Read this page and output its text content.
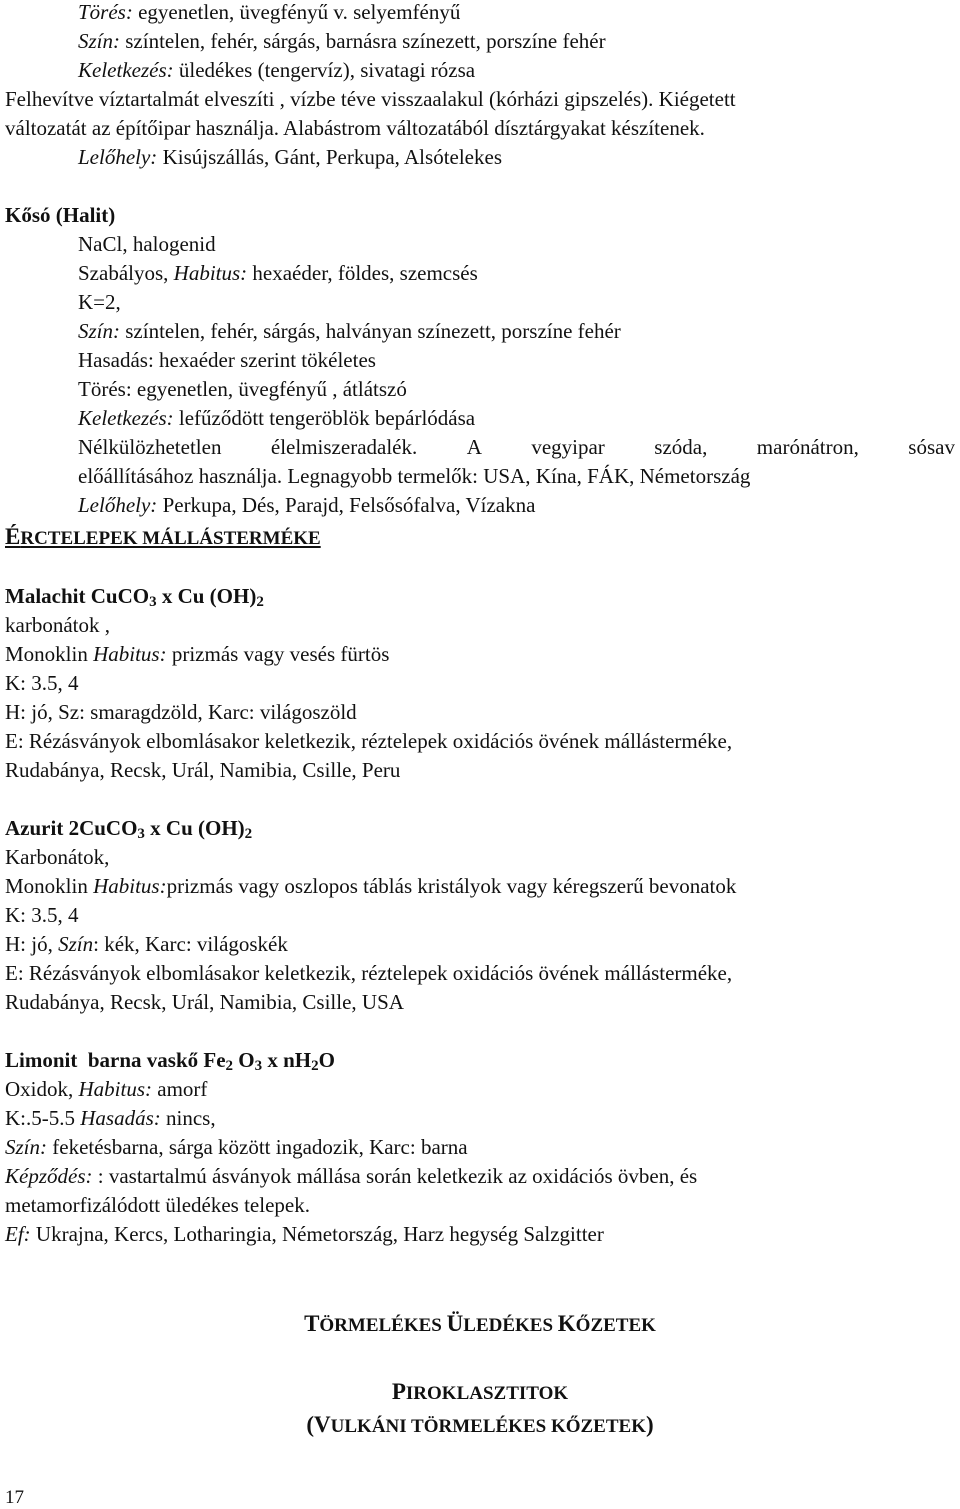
Törés: egyenetlen, üvegfényű v. selyemfényű
Szín: színtelen, fehér, sárgás, barnásra színezett, porszíne fehér
Keletkezés: üledékes (tengervíz), sivatagi rózsa
Felhevítve víztartalmát elveszíti , vízbe téve visszaalakul (kórházi gipszelés). Kiégetett
változatát az építőipar használja. Alabástrom változatából dísztárgyakat készítenek.
Lelőhely: Kisújszállás, Gánt, Perkupa, Alsótelekes
Kősó (Halit)
NaCl, halogenid
Szabályos, Habitus: hexaéder, földes, szemcsés
K=2,
Szín: színtelen, fehér, sárgás, halványan színezett, porszíne fehér
Hasadás: hexaéder szerint tökéletes
Törés: egyenetlen, üvegfényű , átlátszó
Keletkezés: lefűződött tengeröblök bepárlódása
Nélkülözhetetlen élelmiszeradalék. A vegyipar szóda, marónátron, sósav
előállításához használja. Legnagyobb termelők: USA, Kína, FÁK, Németország
Lelőhely: Perkupa, Dés, Parajd, Felsősófalva, Vízakna
ÉRCTELEPEK MÁLLÁSTERMÉKE
Malachit CuCO$_3$ x Cu $(OH)_2$
karbonátok ,
Monoklin Habitus: prizmás vagy vesés fürtös
K: 3.5, 4
H: jó, Sz: smaragdzöld, Karc: világoszöld
E: Rézásványok elbomlásakor keletkezik, réztelepek oxidációs övének mállásterméke,
Rudabánya, Recsk, Urál, Namibia, Csille, Peru
Azurit 2CuCO$_3$ x Cu $(OH)_2$
Karbonátok,
Monoklin Habitus:prizmás vagy oszlopos táblás kristályok vagy kéregszerű bevonatok
K: 3.5, 4
H: jó, Szín: kék, Karc: világoskék
E: Rézásványok elbomlásakor keletkezik, réztelepek oxidációs övének mállásterméke,
Rudabánya, Recsk, Urál, Namibia, Csille, USA
Limonit  barna vaskő $Fe_2$ $O_3$ x $nH_2O$
Oxidok, Habitus: amorf
K:.5-5.5 Hasadás: nincs,
Szín: feketésbarna, sárga között ingadozik, Karc: barna
Képződés: : vastartalmú ásványok mállása során keletkezik az oxidációs övben, és
metamorfizálódott üledékes telepek.
Ef: Ukrajna, Kercs, Lotharingia, Németország, Harz hegység Salzgitter
TÖRMELÉKES ÜLEDÉKES KŐZETEK
PIROKLASZTITOK
(VULKÁNI TÖRMELÉKES KŐZETEK)
17
